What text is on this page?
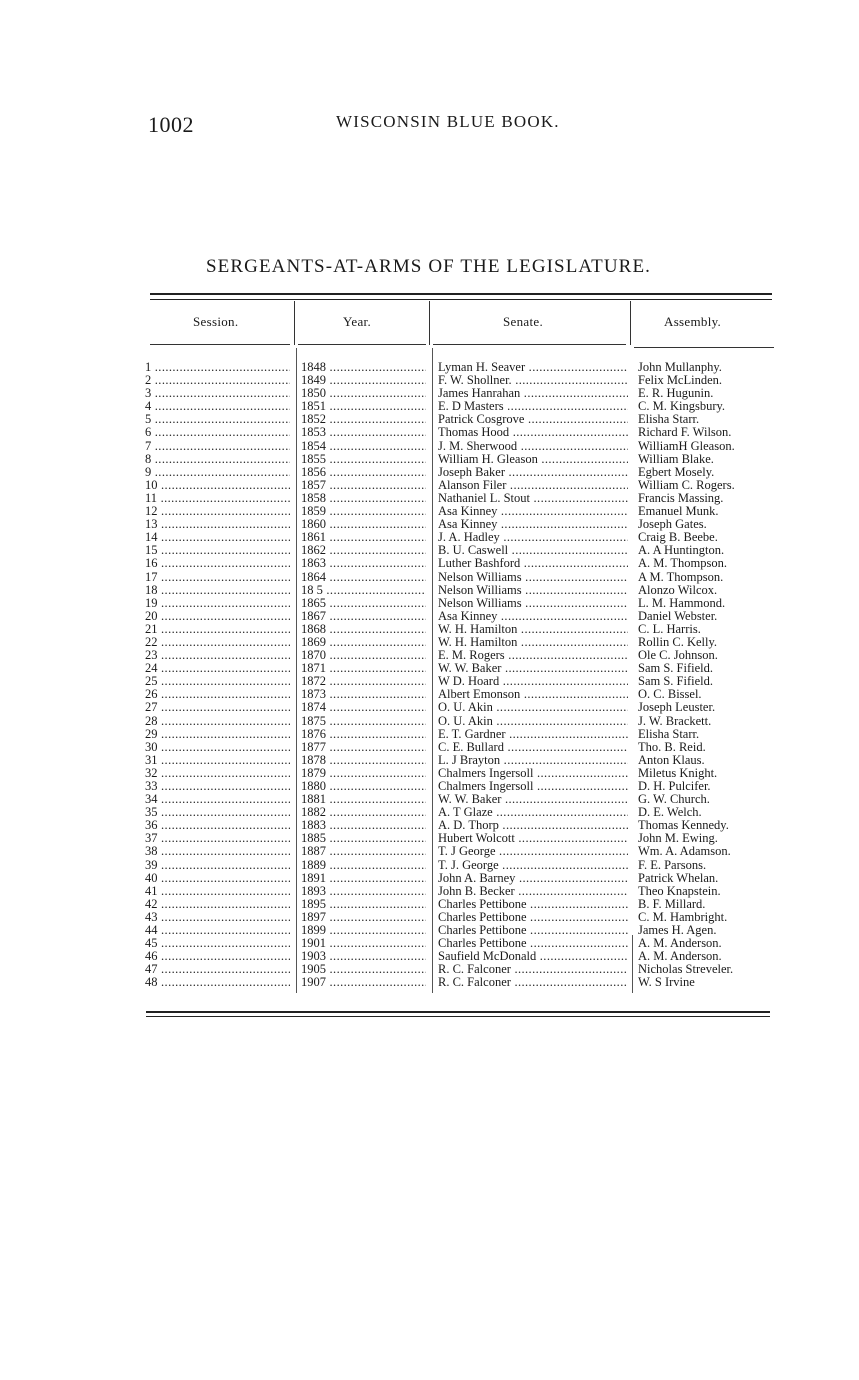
1002	WISCONSIN BLUE BOOK.
SERGEANTS-AT-ARMS OF THE LEGISLATURE.
Session.	Year.	Senate.	Assembly.
1 .....	1848 .....	Lyman H. Seaver .....	John Mullanphy.
2 .....	1849 .....	F. W. Shollner. .....	Felix McLinden.
3 .....	1850 .....	James Hanrahan .....	E. R. Hugunin.
4 .....	1851 .....	E. D Masters .....	C. M. Kingsbury.
5 .....	1852 .....	Patrick Cosgrove .....	Elisha Starr.
6 .....	1853 .....	Thomas Hood .....	Richard F. Wilson.
7 .....	1854 .....	J. M. Sherwood .....	WilliamH Gleason.
8 .....	1855 .....	William H. Gleason .....	William Blake.
9 .....	1856 .....	Joseph Baker .....	Egbert Mosely.
10 .....	1857 .....	Alanson Filer .....	William C. Rogers.
11 .....	1858 .....	Nathaniel L. Stout .....	Francis Massing.
12 .....	1859 .....	Asa Kinney .....	Emanuel Munk.
13 .....	1860 .....	Asa Kinney .....	Joseph Gates.
14 .....	1861 .....	J. A. Hadley .....	Craig B. Beebe.
15 .....	1862 .....	B. U. Caswell .....	A. A Huntington.
16 .....	1863 .....	Luther Bashford .....	A. M. Thompson.
17 .....	1864 .....	Nelson Williams .....	A M. Thompson.
18 .....	18 5 .....	Nelson Williams .....	Alonzo Wilcox.
19 .....	1865 .....	Nelson Williams .....	L. M. Hammond.
20 .....	1867 .....	Asa Kinney .....	Daniel Webster.
21 .....	1868 .....	W. H. Hamilton .....	C. L. Harris.
22 .....	1869 .....	W. H. Hamilton .....	Rollin C. Kelly.
23 .....	1870 .....	E. M. Rogers .....	Ole C. Johnson.
24 .....	1871 .....	W. W. Baker .....	Sam S. Fifield.
25 .....	1872 .....	W D. Hoard .....	Sam S. Fifield.
26 .....	1873 .....	Albert Emonson .....	O. C. Bissel.
27 .....	1874 .....	O. U. Akin .....	Joseph Leuster.
28 .....	1875 .....	O. U. Akin .....	J. W. Brackett.
29 .....	1876 .....	E. T. Gardner .....	Elisha Starr.
30 .....	1877 .....	C. E. Bullard .....	Tho. B. Reid.
31 .....	1878 .....	L. J Brayton .....	Anton Klaus.
32 .....	1879 .....	Chalmers Ingersoll .....	Miletus Knight.
33 .....	1880 .....	Chalmers Ingersoll .....	D. H. Pulcifer.
34 .....	1881 .....	W. W. Baker .....	G. W. Church.
35 .....	1882 .....	A. T Glaze .....	D. E. Welch.
36 .....	1883 .....	A. D. Thorp .....	Thomas Kennedy.
37 .....	1885 .....	Hubert Wolcott .....	John M. Ewing.
38 .....	1887 .....	T. J George .....	Wm. A. Adamson.
39 .....	1889 .....	T. J. George .....	F. E. Parsons.
40 .....	1891 .....	John A. Barney .....	Patrick Whelan.
41 .....	1893 .....	John B. Becker .....	Theo Knapstein.
42 .....	1895 .....	Charles Pettibone .....	B. F. Millard.
43 .....	1897 .....	Charles Pettibone .....	C. M. Hambright.
44 .....	1899 .....	Charles Pettibone .....	James H. Agen.
45 .....	1901 .....	Charles Pettibone .....	A. M. Anderson.
46 .....	1903 .....	Saufield McDonald .....	A. M. Anderson.
47 .....	1905 .....	R. C. Falconer .....	Nicholas Streveler.
48 .....	1907 .....	R. C. Falconer .....	W. S Irvine
